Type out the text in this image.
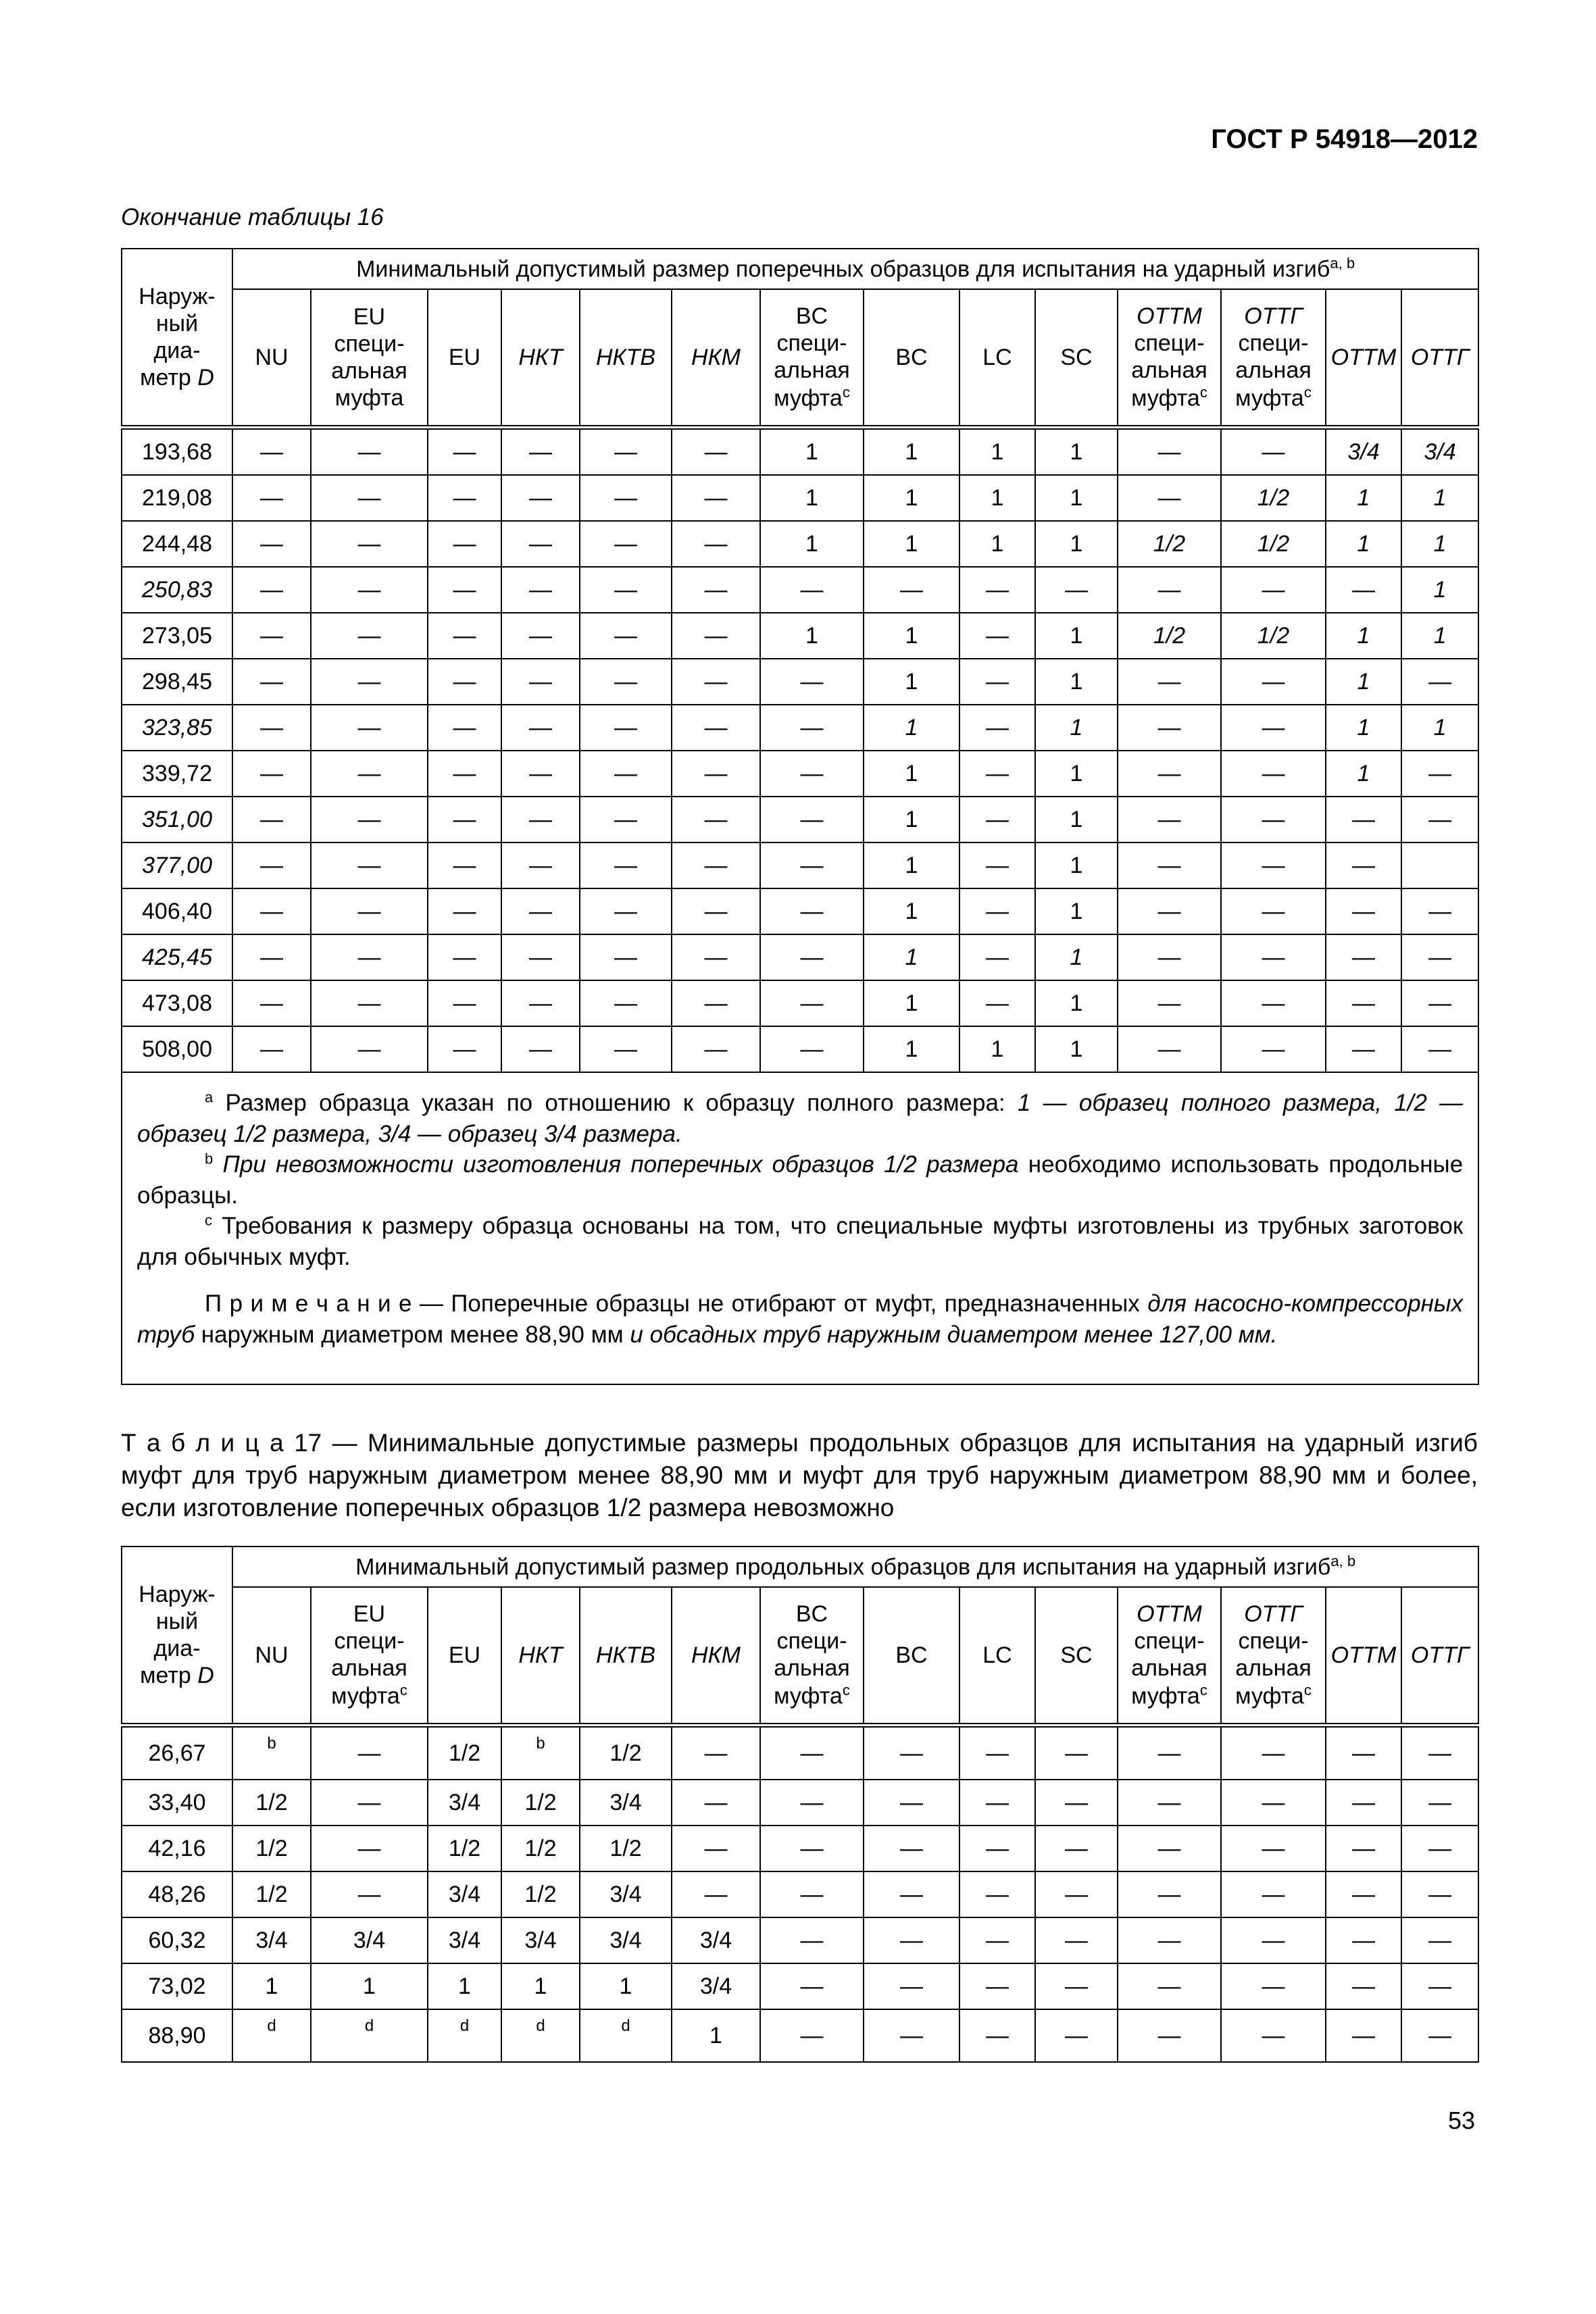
ГОСТ Р 54918—2012
Окончание таблицы 16
Наруж-
ный
диа-
метр D	Минимальный допустимый размер поперечных образцов для испытания на ударный изгиб$^{a, b}$
	NU	EU
специ-
альная
муфта	EU	НКТ	НКТВ	НКМ	BC
специ-
альная
муфта$^c$	BC	LC	SC	ОТТМ
специ-
альная
муфта$^c$	ОТТГ
специ-
альная
муфта$^c$	ОТТМ	ОТТГ
193,68	—	—	—	—	—	—	1	1	1	1	—	—	3/4	3/4
219,08	—	—	—	—	—	—	1	1	1	1	—	1/2	1	1
244,48	—	—	—	—	—	—	1	1	1	1	1/2	1/2	1	1
250,83	—	—	—	—	—	—	—	—	—	—	—	—	—	1
273,05	—	—	—	—	—	—	1	1	—	1	1/2	1/2	1	1
298,45	—	—	—	—	—	—	—	1	—	1	—	—	1	—
323,85	—	—	—	—	—	—	—	1	—	1	—	—	1	1
339,72	—	—	—	—	—	—	—	1	—	1	—	—	1	—
351,00	—	—	—	—	—	—	—	1	—	1	—	—	—	—
377,00	—	—	—	—	—	—	—	1	—	1	—	—	—	
406,40	—	—	—	—	—	—	—	1	—	1	—	—	—	—
425,45	—	—	—	—	—	—	—	1	—	1	—	—	—	—
473,08	—	—	—	—	—	—	—	1	—	1	—	—	—	—
508,00	—	—	—	—	—	—	—	1	1	1	—	—	—	—

$^a$ Размер образца указан по отношению к образцу полного размера: 1 — образец полного размера, 1/2 — образец 1/2 размера, 3/4 — образец 3/4 размера.

$^b$ При невозможности изготовления поперечных образцов 1/2 размера необходимо использовать продольные образцы.

$^c$ Требования к размеру образца основаны на том, что специальные муфты изготовлены из трубных заготовок для обычных муфт.

П р и м е ч а н и е — Поперечные образцы не отибрают от муфт, предназначенных для насосно-компрессорных труб наружным диаметром менее 88,90 мм и обсадных труб наружным диаметром менее 127,00 мм.														

Т а б л и ц а 17 — Минимальные допустимые размеры продольных образцов для испытания на ударный изгиб муфт для труб наружным диаметром менее 88,90 мм и муфт для труб наружным диаметром 88,90 мм и более, если изготовление поперечных образцов 1/2 размера невозможно
Наруж-
ный
диа-
метр D	Минимальный допустимый размер продольных образцов для испытания на ударный изгиб$^{a, b}$
	NU	EU
специ-
альная
муфта$^c$	EU	НКТ	НКТВ	НКМ	BC
специ-
альная
муфта$^c$	BC	LC	SC	ОТТМ
специ-
альная
муфта$^c$	ОТТГ
специ-
альная
муфта$^c$	ОТТМ	ОТТГ
26,67	b	—	1/2	b	1/2	—	—	—	—	—	—	—	—	—
33,40	1/2	—	3/4	1/2	3/4	—	—	—	—	—	—	—	—	—
42,16	1/2	—	1/2	1/2	1/2	—	—	—	—	—	—	—	—	—
48,26	1/2	—	3/4	1/2	3/4	—	—	—	—	—	—	—	—	—
60,32	3/4	3/4	3/4	3/4	3/4	3/4	—	—	—	—	—	—	—	—
73,02	1	1	1	1	1	3/4	—	—	—	—	—	—	—	—
88,90	d	d	d	d	d	1	—	—	—	—	—	—	—	—
53
